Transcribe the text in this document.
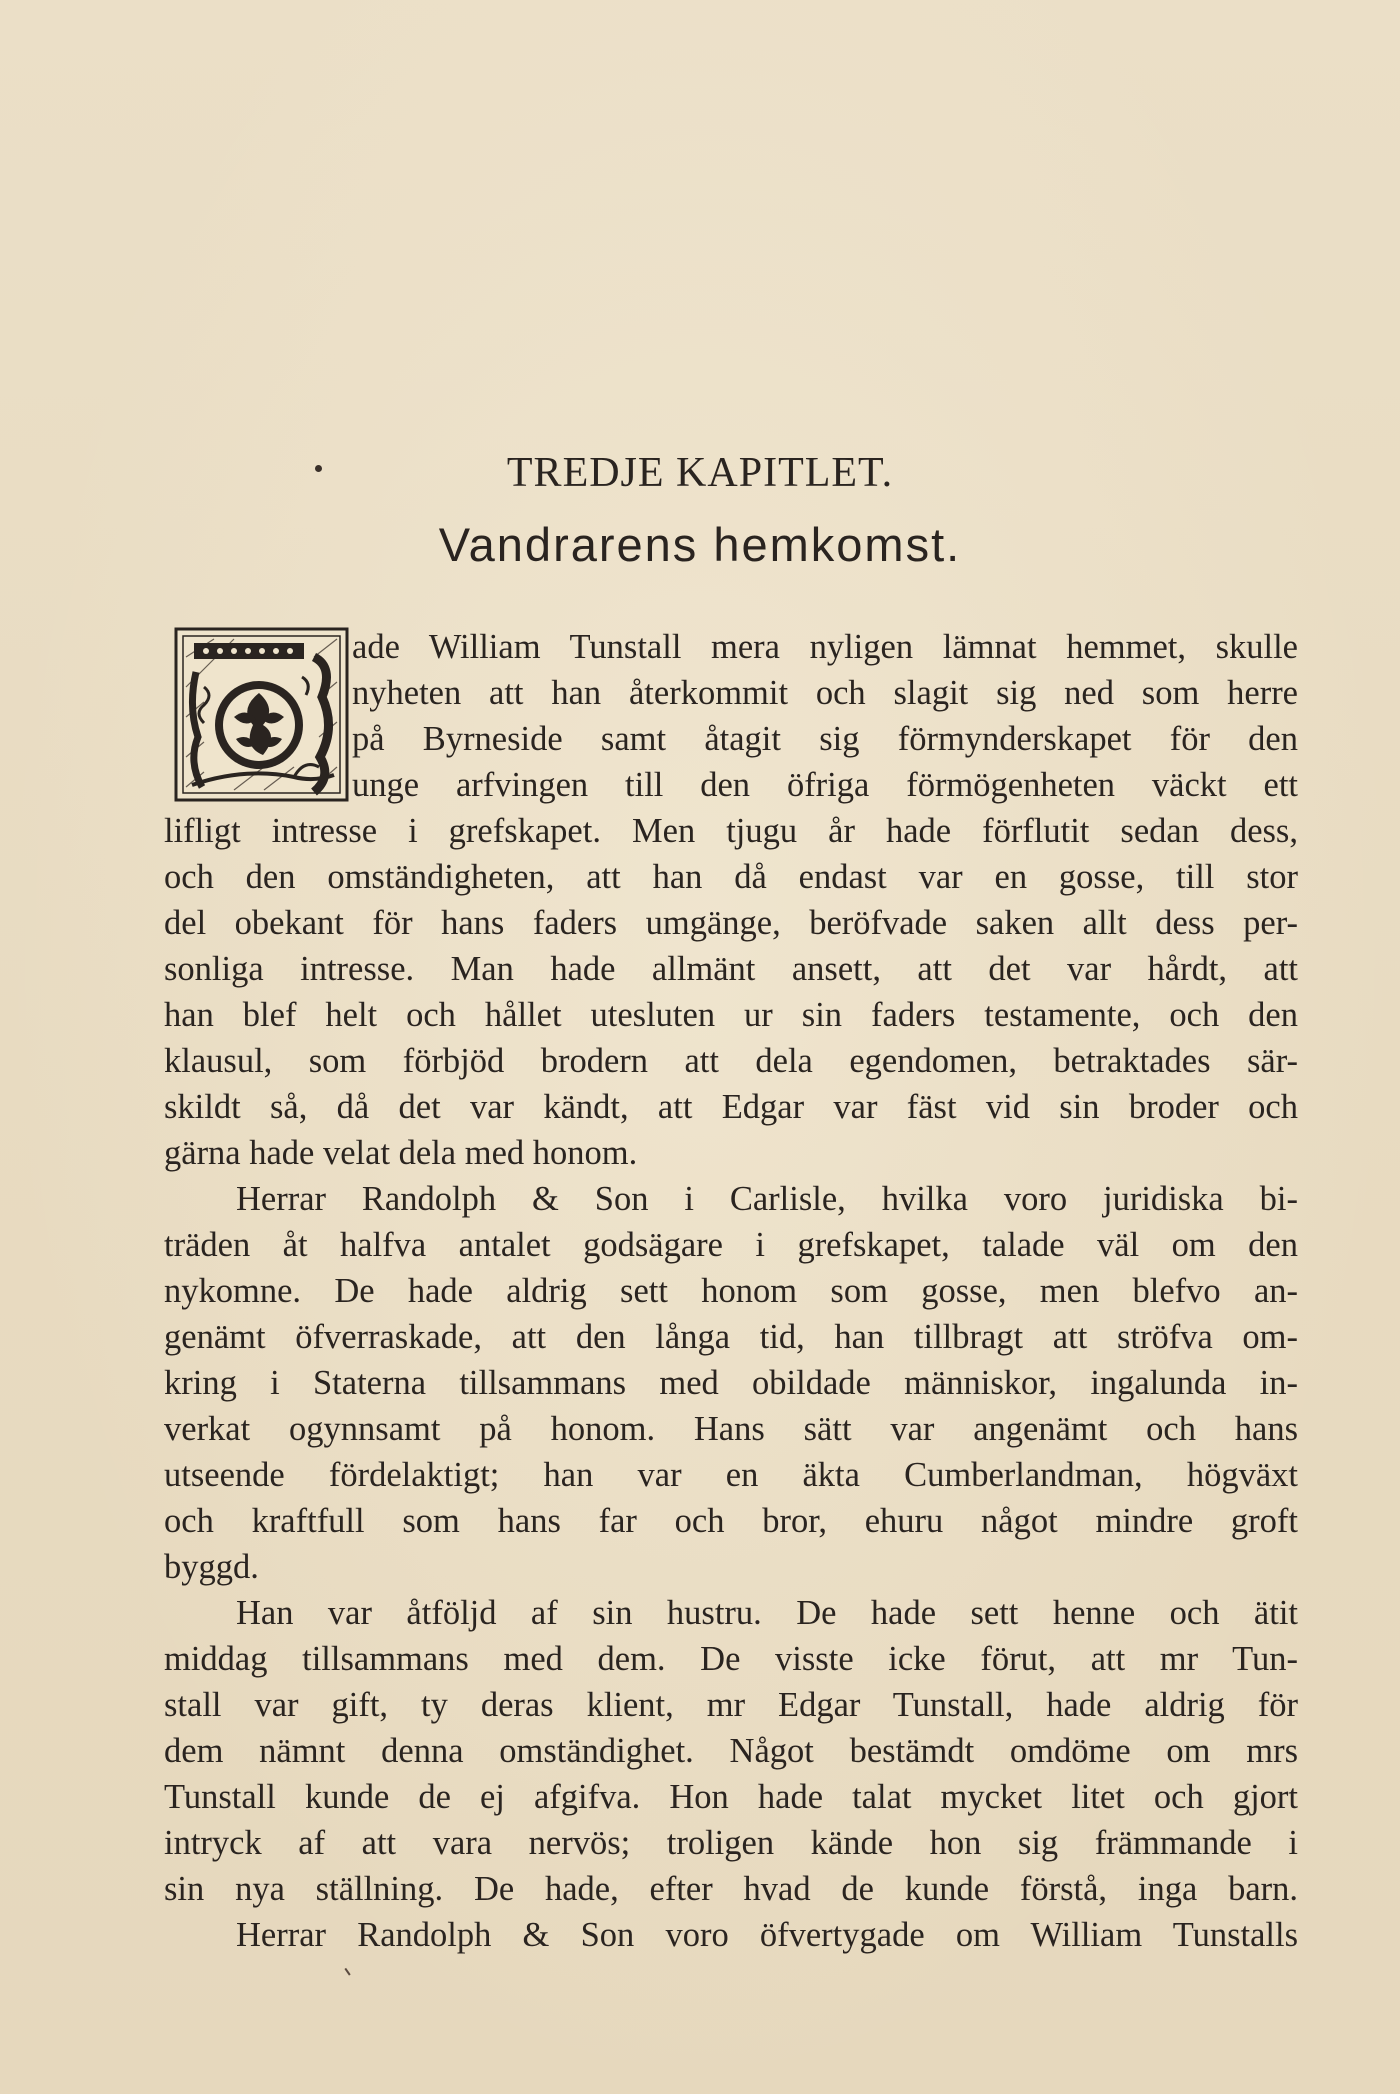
TREDJE KAPITLET.
Vandrarens hemkomst.
ade William Tunstall mera nyligen lämnat hemmet, skulle
nyheten att han återkommit och slagit sig ned som herre
på Byrneside samt åtagit sig förmynderskapet för den
unge arfvingen till den öfriga förmögenheten väckt ett
lifligt intresse i grefskapet. Men tjugu år hade förflutit sedan dess,
och den omständigheten, att han då endast var en gosse, till stor
del obekant för hans faders umgänge, beröfvade saken allt dess per-
sonliga intresse. Man hade allmänt ansett, att det var hårdt, att
han blef helt och hållet utesluten ur sin faders testamente, och den
klausul, som förbjöd brodern att dela egendomen, betraktades sär-
skildt så, då det var kändt, att Edgar var fäst vid sin broder och
gärna hade velat dela med honom.
Herrar Randolph & Son i Carlisle, hvilka voro juridiska bi-
träden åt halfva antalet godsägare i grefskapet, talade väl om den
nykomne. De hade aldrig sett honom som gosse, men blefvo an-
genämt öfverraskade, att den långa tid, han tillbragt att ströfva om-
kring i Staterna tillsammans med obildade människor, ingalunda in-
verkat ogynnsamt på honom. Hans sätt var angenämt och hans
utseende fördelaktigt; han var en äkta Cumberlandman, högväxt
och kraftfull som hans far och bror, ehuru något mindre groft
byggd.
Han var åtföljd af sin hustru. De hade sett henne och ätit
middag tillsammans med dem. De visste icke förut, att mr Tun-
stall var gift, ty deras klient, mr Edgar Tunstall, hade aldrig för
dem nämnt denna omständighet. Något bestämdt omdöme om mrs
Tunstall kunde de ej afgifva. Hon hade talat mycket litet och gjort
intryck af att vara nervös; troligen kände hon sig främmande i
sin nya ställning. De hade, efter hvad de kunde förstå, inga barn.
Herrar Randolph & Son voro öfvertygade om William Tunstalls
